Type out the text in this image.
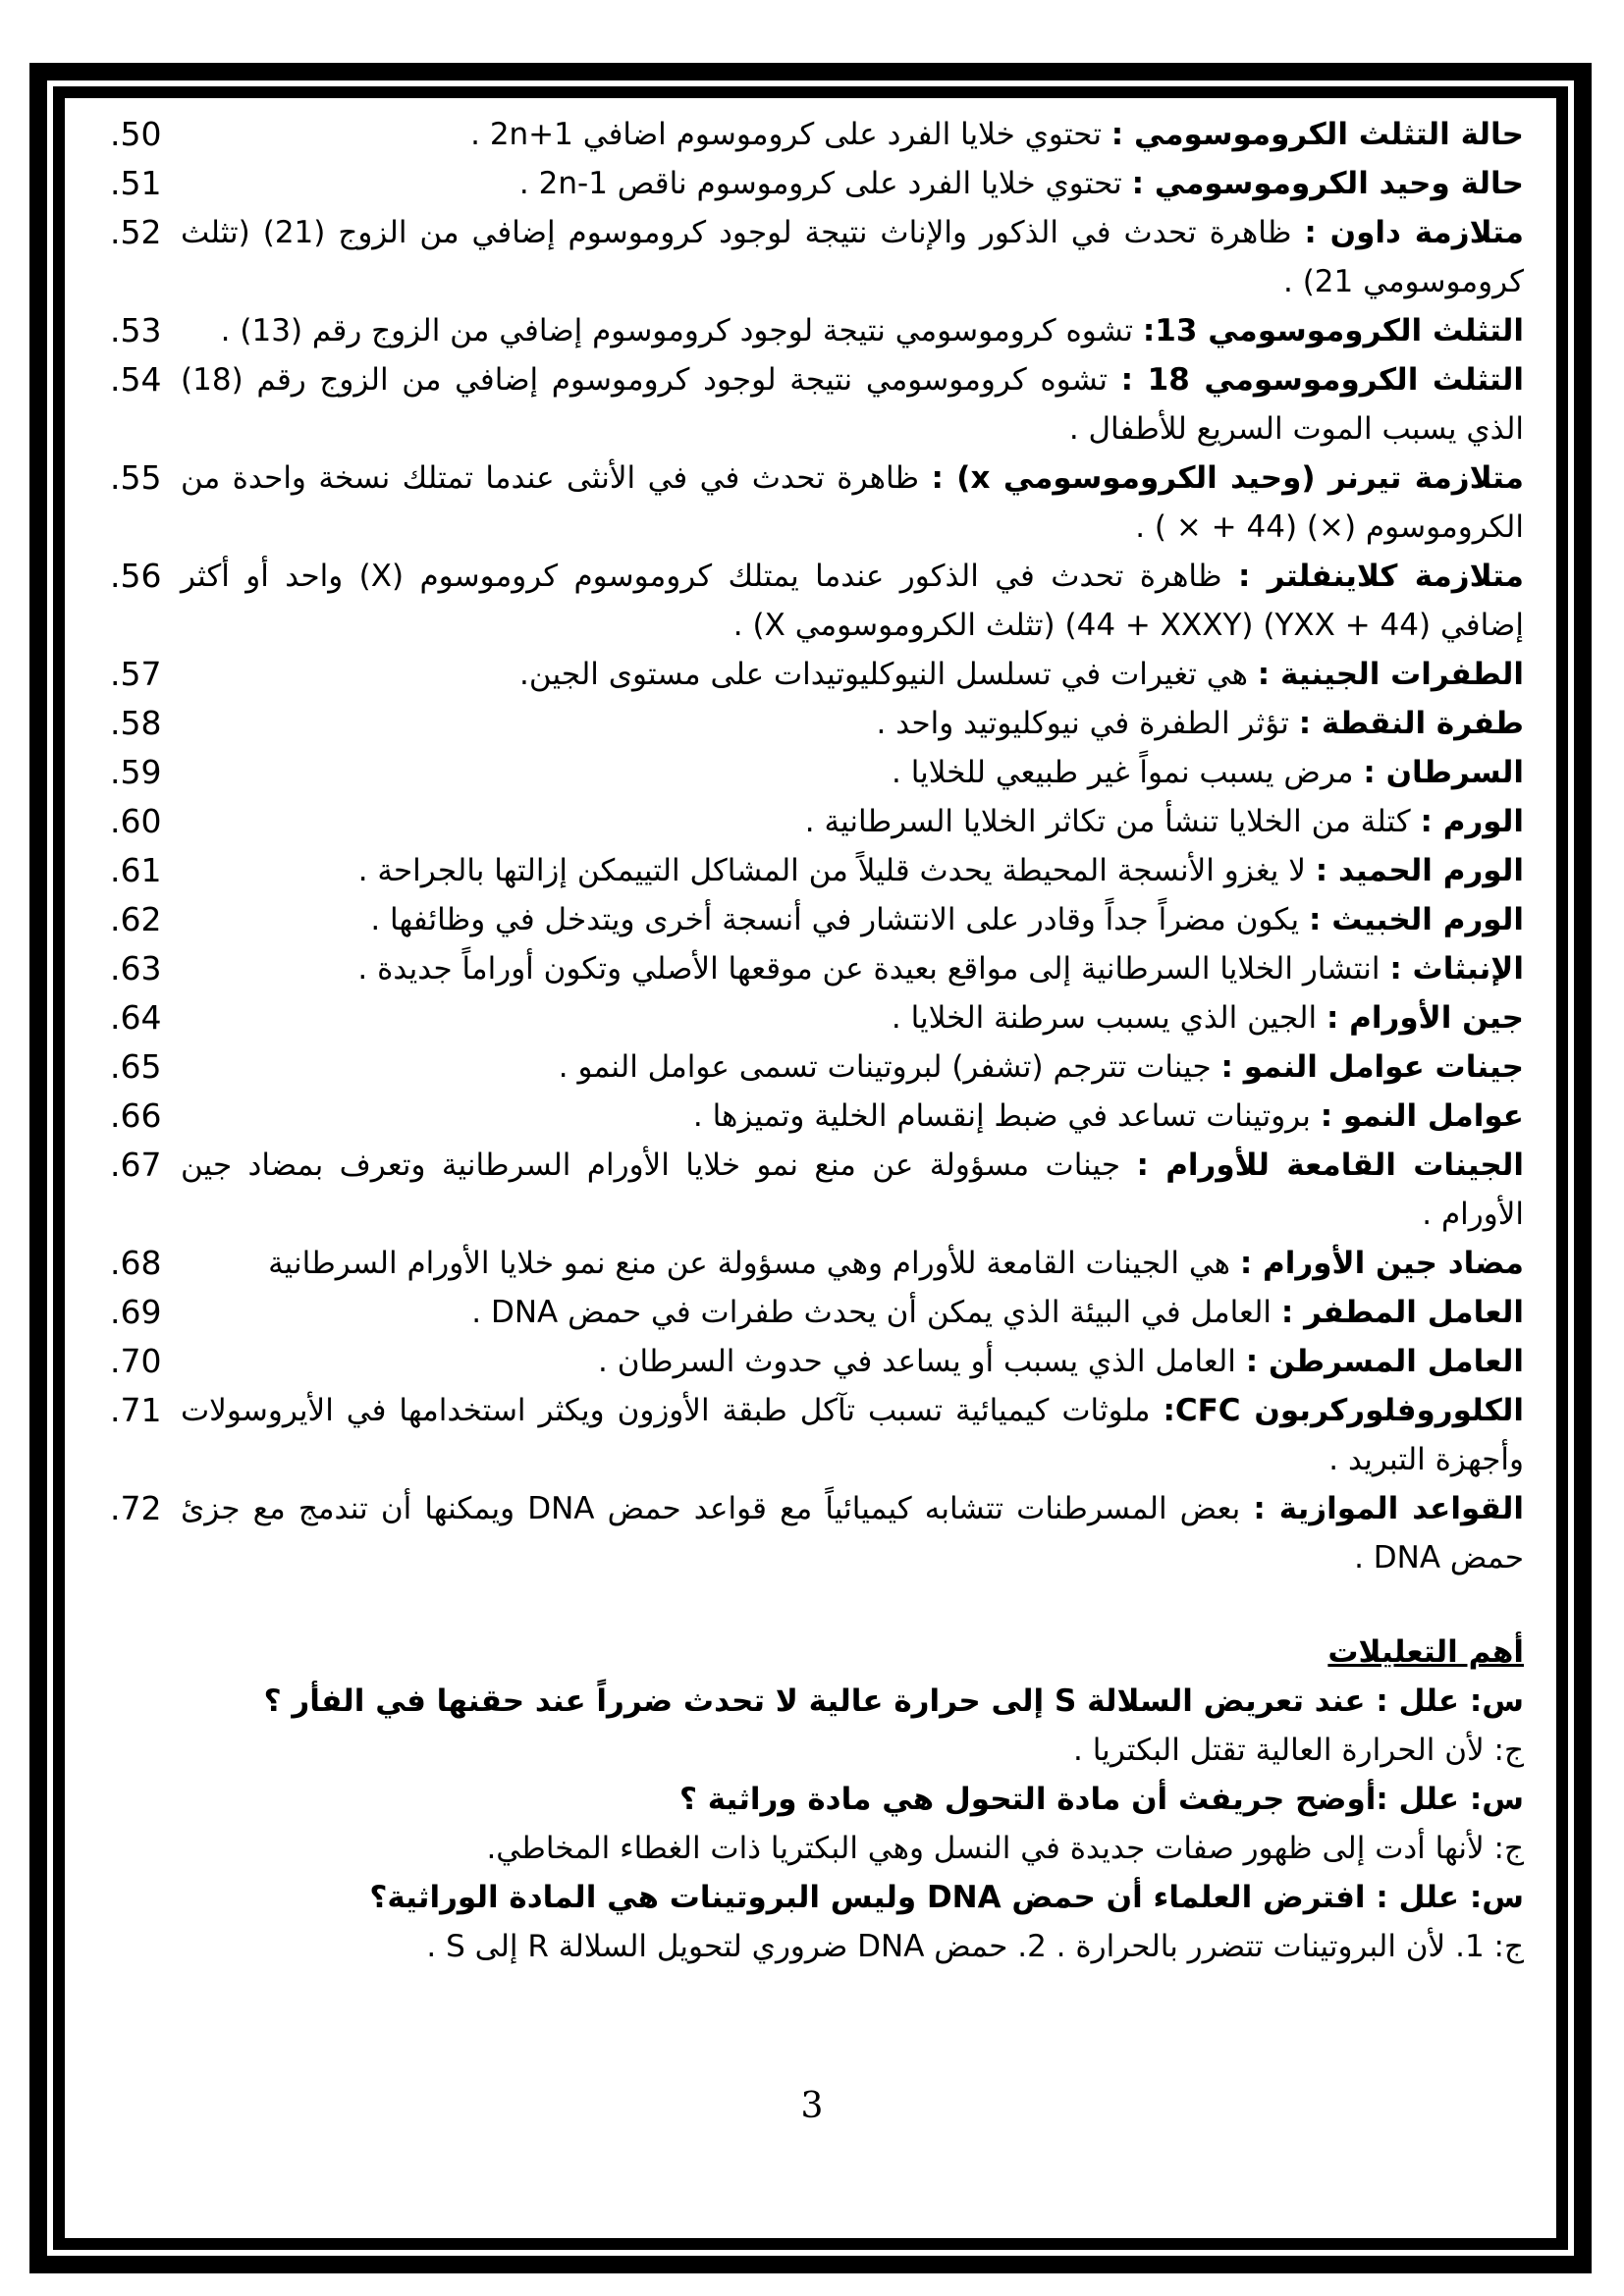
حالة التثلث الكروموسومي : تحتوي خلايا الفرد على كروموسوم اضافي 2n+1 .
.50
حالة وحيد الكروموسومي : تحتوي خلايا الفرد على كروموسوم ناقص 2n-1 .
.51
متلازمة داون : ظاهرة تحدث في الذكور والإناث نتيجة لوجود كروموسوم إضافي من الزوج (21) (تثلث كروموسومي 21) .
.52
التثلث الكروموسومي 13: تشوه كروموسومي نتيجة لوجود كروموسوم إضافي من الزوج رقم (13) .
.53
التثلث الكروموسومي 18 : تشوه كروموسومي نتيجة لوجود كروموسوم إضافي من الزوج رقم (18) الذي يسبب الموت السريع للأطفال .
.54
متلازمة تيرنر (وحيد الكروموسومي x) : ظاهرة تحدث في في الأنثى عندما تمتلك نسخة واحدة من الكروموسوم (×) (44 + × ) .
.55
متلازمة كلاينفلتر : ظاهرة تحدث في الذكور عندما يمتلك كروموسوم كروموسوم (X) واحد أو أكثر إضافي (44 + YXX) (44 + XXXY) (تثلث الكروموسومي X) .
.56
الطفرات الجينية : هي تغيرات في تسلسل النيوكليوتيدات على مستوى الجين.
.57
طفرة النقطة : تؤثر الطفرة في نيوكليوتيد واحد .
.58
السرطان : مرض يسبب نمواً غير طبيعي للخلايا .
.59
الورم : كتلة من الخلايا تنشأ من تكاثر الخلايا السرطانية .
.60
الورم الحميد : لا يغزو الأنسجة المحيطة يحدث قليلاً من المشاكل التييمكن إزالتها بالجراحة .
.61
الورم الخبيث : يكون مضراً جداً وقادر على الانتشار في أنسجة أخرى ويتدخل في وظائفها .
.62
الإنبثاث : انتشار الخلايا السرطانية إلى مواقع بعيدة عن موقعها الأصلي وتكون أوراماً جديدة .
.63
جين الأورام : الجين الذي يسبب سرطنة الخلايا .
.64
جينات عوامل النمو : جينات تترجم (تشفر) لبروتينات تسمى عوامل النمو .
.65
عوامل النمو : بروتينات تساعد في ضبط إنقسام الخلية وتميزها .
.66
الجينات القامعة للأورام : جينات مسؤولة عن منع نمو خلايا الأورام السرطانية وتعرف بمضاد جين الأورام .
.67
مضاد جين الأورام : هي الجينات القامعة للأورام وهي مسؤولة عن منع نمو خلايا الأورام السرطانية
.68
العامل المطفر : العامل في البيئة الذي يمكن أن يحدث طفرات في حمض DNA .
.69
العامل المسرطن : العامل الذي يسبب أو يساعد في حدوث السرطان .
.70
الكلوروفلوركربون CFC: ملوثات كيميائية تسبب تآكل طبقة الأوزون ويكثر استخدامها في الأيروسولات وأجهزة التبريد .
.71
القواعد الموازية : بعض المسرطنات تتشابه كيميائياً مع قواعد حمض DNA ويمكنها أن تندمج مع جزئ حمض DNA .
.72
أهم التعليلات
س: علل : عند تعريض السلالة S إلى حرارة عالية لا تحدث ضرراً عند حقنها في الفأر ؟
ج: لأن الحرارة العالية تقتل البكتريا .
س: علل :أوضح جريفث أن مادة التحول هي مادة وراثية ؟
ج: لأنها أدت إلى ظهور صفات جديدة في النسل وهي البكتريا ذات الغطاء المخاطي.
س: علل : افترض العلماء أن حمض DNA وليس البروتينات هي المادة الوراثية؟
ج: 1. لأن البروتينات تتضرر بالحرارة . 2. حمض DNA ضروري لتحويل السلالة R إلى S .
3
